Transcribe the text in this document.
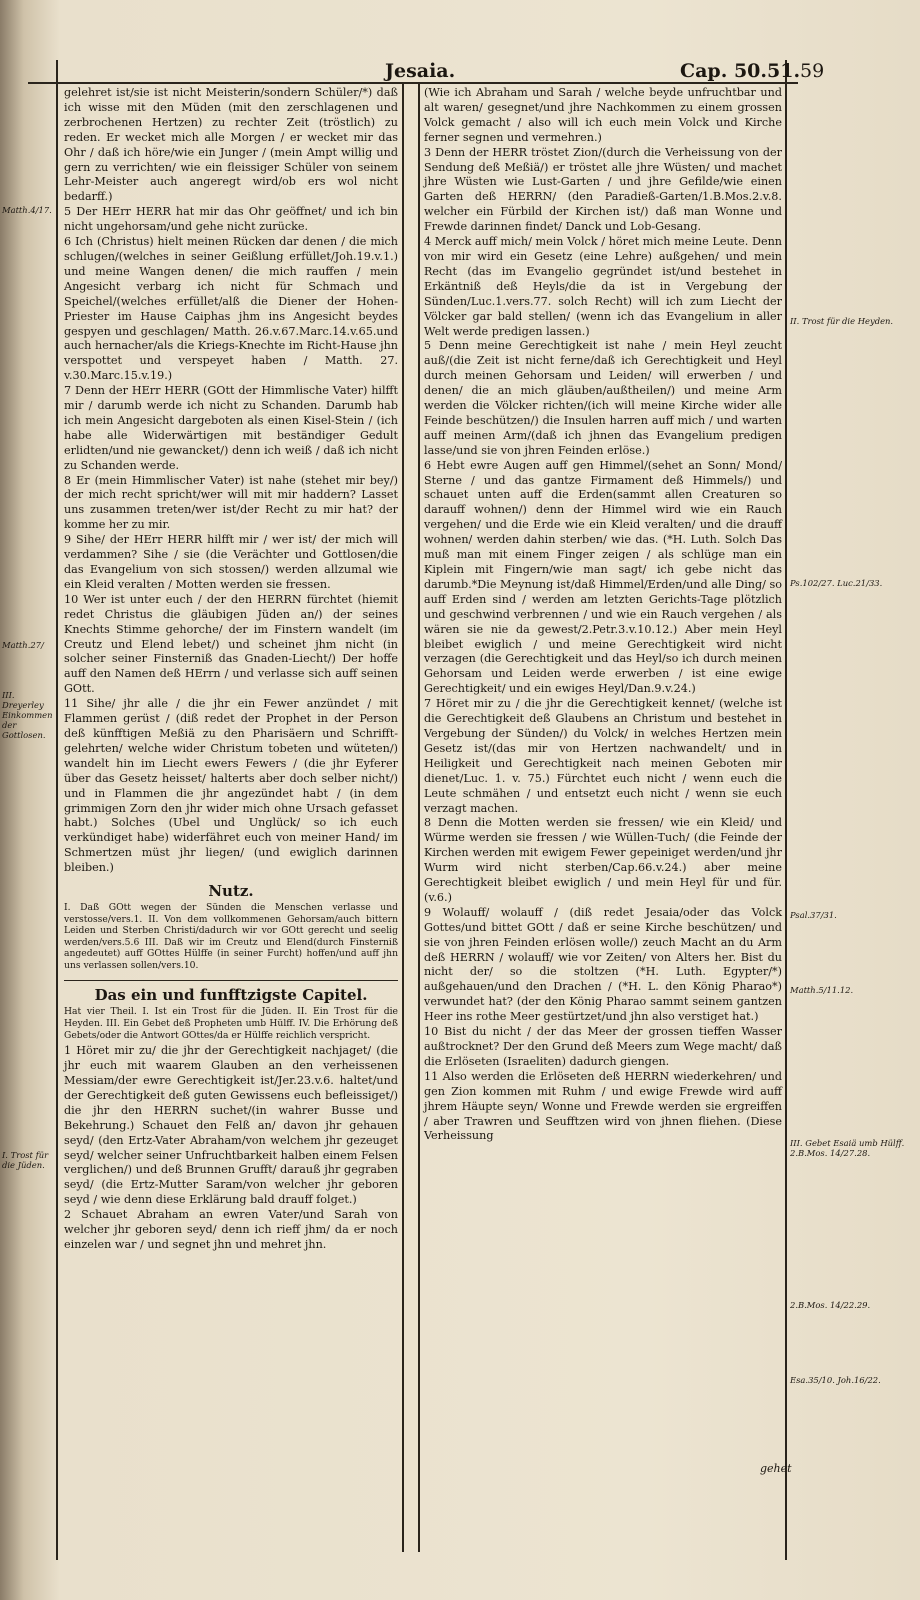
Jesaia.	Cap. 50.51. 59
Matth.4/17.
Matth.27/
III. Dreyerley Einkommen der Gottlosen.
I. Trost für die Jüden.

gelehret ist/sie ist nicht Meisterin/sondern Schüler/*) daß ich wisse mit den Müden (mit den zerschlagenen und zerbrochenen Hertzen) zu rechter Zeit (tröstlich) zu reden. Er wecket mich alle Morgen / er wecket mir das Ohr / daß ich höre/wie ein Junger / (mein Ampt willig und gern zu verrichten/ wie ein fleissiger Schüler von seinem Lehr-Meister auch angeregt wird/ob ers wol nicht bedarff.)

5 Der HErr HERR hat mir das Ohr geöffnet/ und ich bin nicht ungehorsam/und gehe nicht zurücke.

6 Ich (Christus) hielt meinen Rücken dar denen / die mich schlugen/(welches in seiner Geißlung erfüllet/Joh.19.v.1.) und meine Wangen denen/ die mich rauffen / mein Angesicht verbarg ich nicht für Schmach und Speichel/(welches erfüllet/alß die Diener der Hohen-Priester im Hause Caiphas jhm ins Angesicht beydes gespyen und geschlagen/ Matth. 26.v.67.Marc.14.v.65.und auch hernacher/als die Kriegs-Knechte im Richt-Hause jhn verspottet und verspeyet haben / Matth. 27. v.30.Marc.15.v.19.)

7 Denn der HErr HERR (GOtt der Himmlische Vater) hilfft mir / darumb werde ich nicht zu Schanden. Darumb hab ich mein Angesicht dargeboten als einen Kisel-Stein / (ich habe alle Widerwärtigen mit beständiger Gedult erlidten/und nie gewancket/) denn ich weiß / daß ich nicht zu Schanden werde.

8 Er (mein Himmlischer Vater) ist nahe (stehet mir bey/) der mich recht spricht/wer will mit mir haddern? Lasset uns zusammen treten/wer ist/der Recht zu mir hat? der komme her zu mir.

9 Sihe/ der HErr HERR hilfft mir / wer ist/ der mich will verdammen? Sihe / sie (die Verächter und Gottlosen/die das Evangelium von sich stossen/) werden allzumal wie ein Kleid veralten / Motten werden sie fressen.

10 Wer ist unter euch / der den HERRN fürchtet (hiemit redet Christus die gläubigen Jüden an/) der seines Knechts Stimme gehorche/ der im Finstern wandelt (im Creutz und Elend lebet/) und scheinet jhm nicht (in solcher seiner Finsterniß das Gnaden-Liecht/) Der hoffe auff den Namen deß HErrn / und verlasse sich auff seinen GOtt.

11 Sihe/ jhr alle / die jhr ein Fewer anzündet / mit Flammen gerüst / (diß redet der Prophet in der Person deß künfftigen Meßiä zu den Pharisäern und Schrifft-gelehrten/ welche wider Christum tobeten und wüteten/) wandelt hin im Liecht ewers Fewers / (die jhr Eyferer über das Gesetz heisset/ halterts aber doch selber nicht/) und in Flammen die jhr angezündet habt / (in dem grimmigen Zorn den jhr wider mich ohne Ursach gefasset habt.) Solches (Ubel und Unglück/ so ich euch verkündiget habe) widerfähret euch von meiner Hand/ im Schmertzen müst jhr liegen/ (und ewiglich darinnen bleiben.)

Nutz.
I. Daß GOtt wegen der Sünden die Menschen verlasse und verstosse/vers.1. II. Von dem vollkommenen Gehorsam/auch bittern Leiden und Sterben Christi/dadurch wir vor GOtt gerecht und seelig werden/vers.5.6 III. Daß wir im Creutz und Elend(durch Finsterniß angedeutet) auff GOttes Hülffe (in seiner Furcht) hoffen/und auff jhn uns verlassen sollen/vers.10.
Das ein und funfftzigste Capitel.
Hat vier Theil. I. Ist ein Trost für die Jüden. II. Ein Trost für die Heyden. III. Ein Gebet deß Propheten umb Hülff. IV. Die Erhörung deß Gebets/oder die Antwort GOttes/da er Hülffe reichlich verspricht.

1 Höret mir zu/ die jhr der Gerechtigkeit nachjaget/ (die jhr euch mit waarem Glauben an den verheissenen Messiam/der ewre Gerechtigkeit ist/Jer.23.v.6. haltet/und der Gerechtigkeit deß guten Gewissens euch befleissiget/) die jhr den HERRN suchet/(in wahrer Busse und Bekehrung.) Schauet den Felß an/ davon jhr gehauen seyd/ (den Ertz-Vater Abraham/von welchem jhr gezeuget seyd/ welcher seiner Unfruchtbarkeit halben einem Felsen verglichen/) und deß Brunnen Grufft/ darauß jhr gegraben seyd/ (die Ertz-Mutter Saram/von welcher jhr geboren seyd / wie denn diese Erklärung bald drauff folget.)

2 Schauet Abraham an ewren Vater/und Sarah von welcher jhr geboren seyd/ denn ich rieff jhm/ da er noch einzelen war / und segnet jhn und mehret jhn.

(Wie ich Abraham und Sarah / welche beyde unfruchtbar und alt waren/ gesegnet/und jhre Nachkommen zu einem grossen Volck gemacht / also will ich euch mein Volck und Kirche ferner segnen und vermehren.)

3 Denn der HERR tröstet Zion/(durch die Verheissung von der Sendung deß Meßiä/) er tröstet alle jhre Wüsten/ und machet jhre Wüsten wie Lust-Garten / und jhre Gefilde/wie einen Garten deß HERRN/ (den Paradieß-Garten/1.B.Mos.2.v.8. welcher ein Fürbild der Kirchen ist/) daß man Wonne und Frewde darinnen findet/ Danck und Lob-Gesang.

4 Merck auff mich/ mein Volck / höret mich meine Leute. Denn von mir wird ein Gesetz (eine Lehre) außgehen/ und mein Recht (das im Evangelio gegründet ist/und bestehet in Erkäntniß deß Heyls/die da ist in Vergebung der Sünden/Luc.1.vers.77. solch Recht) will ich zum Liecht der Völcker gar bald stellen/ (wenn ich das Evangelium in aller Welt werde predigen lassen.)

5 Denn meine Gerechtigkeit ist nahe / mein Heyl zeucht auß/(die Zeit ist nicht ferne/daß ich Gerechtigkeit und Heyl durch meinen Gehorsam und Leiden/ will erwerben / und denen/ die an mich gläuben/außtheilen/) und meine Arm werden die Völcker richten/(ich will meine Kirche wider alle Feinde beschützen/) die Insulen harren auff mich / und warten auff meinen Arm/(daß ich jhnen das Evangelium predigen lasse/und sie von jhren Feinden erlöse.)

6 Hebt ewre Augen auff gen Himmel/(sehet an Sonn/ Mond/ Sterne / und das gantze Firmament deß Himmels/) und schauet unten auff die Erden(sammt allen Creaturen so darauff wohnen/) denn der Himmel wird wie ein Rauch vergehen/ und die Erde wie ein Kleid veralten/ und die drauff wohnen/ werden dahin sterben/ wie das. (*H. Luth. Solch Das muß man mit einem Finger zeigen / als schlüge man ein Kiplein mit Fingern/wie man sagt/ ich gebe nicht das darumb.*Die Meynung ist/daß Himmel/Erden/und alle Ding/ so auff Erden sind / werden am letzten Gerichts-Tage plötzlich und geschwind verbrennen / und wie ein Rauch vergehen / als wären sie nie da gewest/2.Petr.3.v.10.12.) Aber mein Heyl bleibet ewiglich / und meine Gerechtigkeit wird nicht verzagen (die Gerechtigkeit und das Heyl/so ich durch meinen Gehorsam und Leiden werde erwerben / ist eine ewige Gerechtigkeit/ und ein ewiges Heyl/Dan.9.v.24.)

7 Höret mir zu / die jhr die Gerechtigkeit kennet/ (welche ist die Gerechtigkeit deß Glaubens an Christum und bestehet in Vergebung der Sünden/) du Volck/ in welches Hertzen mein Gesetz ist/(das mir von Hertzen nachwandelt/ und in Heiligkeit und Gerechtigkeit nach meinen Geboten mir dienet/Luc. 1. v. 75.) Fürchtet euch nicht / wenn euch die Leute schmähen / und entsetzt euch nicht / wenn sie euch verzagt machen.

8 Denn die Motten werden sie fressen/ wie ein Kleid/ und Würme werden sie fressen / wie Wüllen-Tuch/ (die Feinde der Kirchen werden mit ewigem Fewer gepeiniget werden/und jhr Wurm wird nicht sterben/Cap.66.v.24.) aber meine Gerechtigkeit bleibet ewiglich / und mein Heyl für und für.(v.6.)

9 Wolauff/ wolauff / (diß redet Jesaia/oder das Volck Gottes/und bittet GOtt / daß er seine Kirche beschützen/ und sie von jhren Feinden erlösen wolle/) zeuch Macht an du Arm deß HERRN / wolauff/ wie vor Zeiten/ von Alters her. Bist du nicht der/ so die stoltzen (*H. Luth. Egypter/*) außgehauen/und den Drachen / (*H. L. den König Pharao*) verwundet hat? (der den König Pharao sammt seinem gantzen Heer ins rothe Meer gestürtzet/und jhn also verstiget hat.)

10 Bist du nicht / der das Meer der grossen tieffen Wasser außtrocknet? Der den Grund deß Meers zum Wege macht/ daß die Erlöseten (Israeliten) dadurch giengen.

11 Also werden die Erlöseten deß HERRN wiederkehren/ und gen Zion kommen mit Ruhm / und ewige Frewde wird auff jhrem Häupte seyn/ Wonne und Frewde werden sie ergreiffen / aber Trawren und Seufftzen wird von jhnen fliehen. (Diese Verheissung

II. Trost für die Heyden.
Ps.102/27. Luc.21/33.
Psal.37/31.
Matth.5/11.12.
III. Gebet Esaiä umb Hülff. 2.B.Mos. 14/27.28.
2.B.Mos. 14/22.29.
Esa.35/10. Joh.16/22.
gehet
